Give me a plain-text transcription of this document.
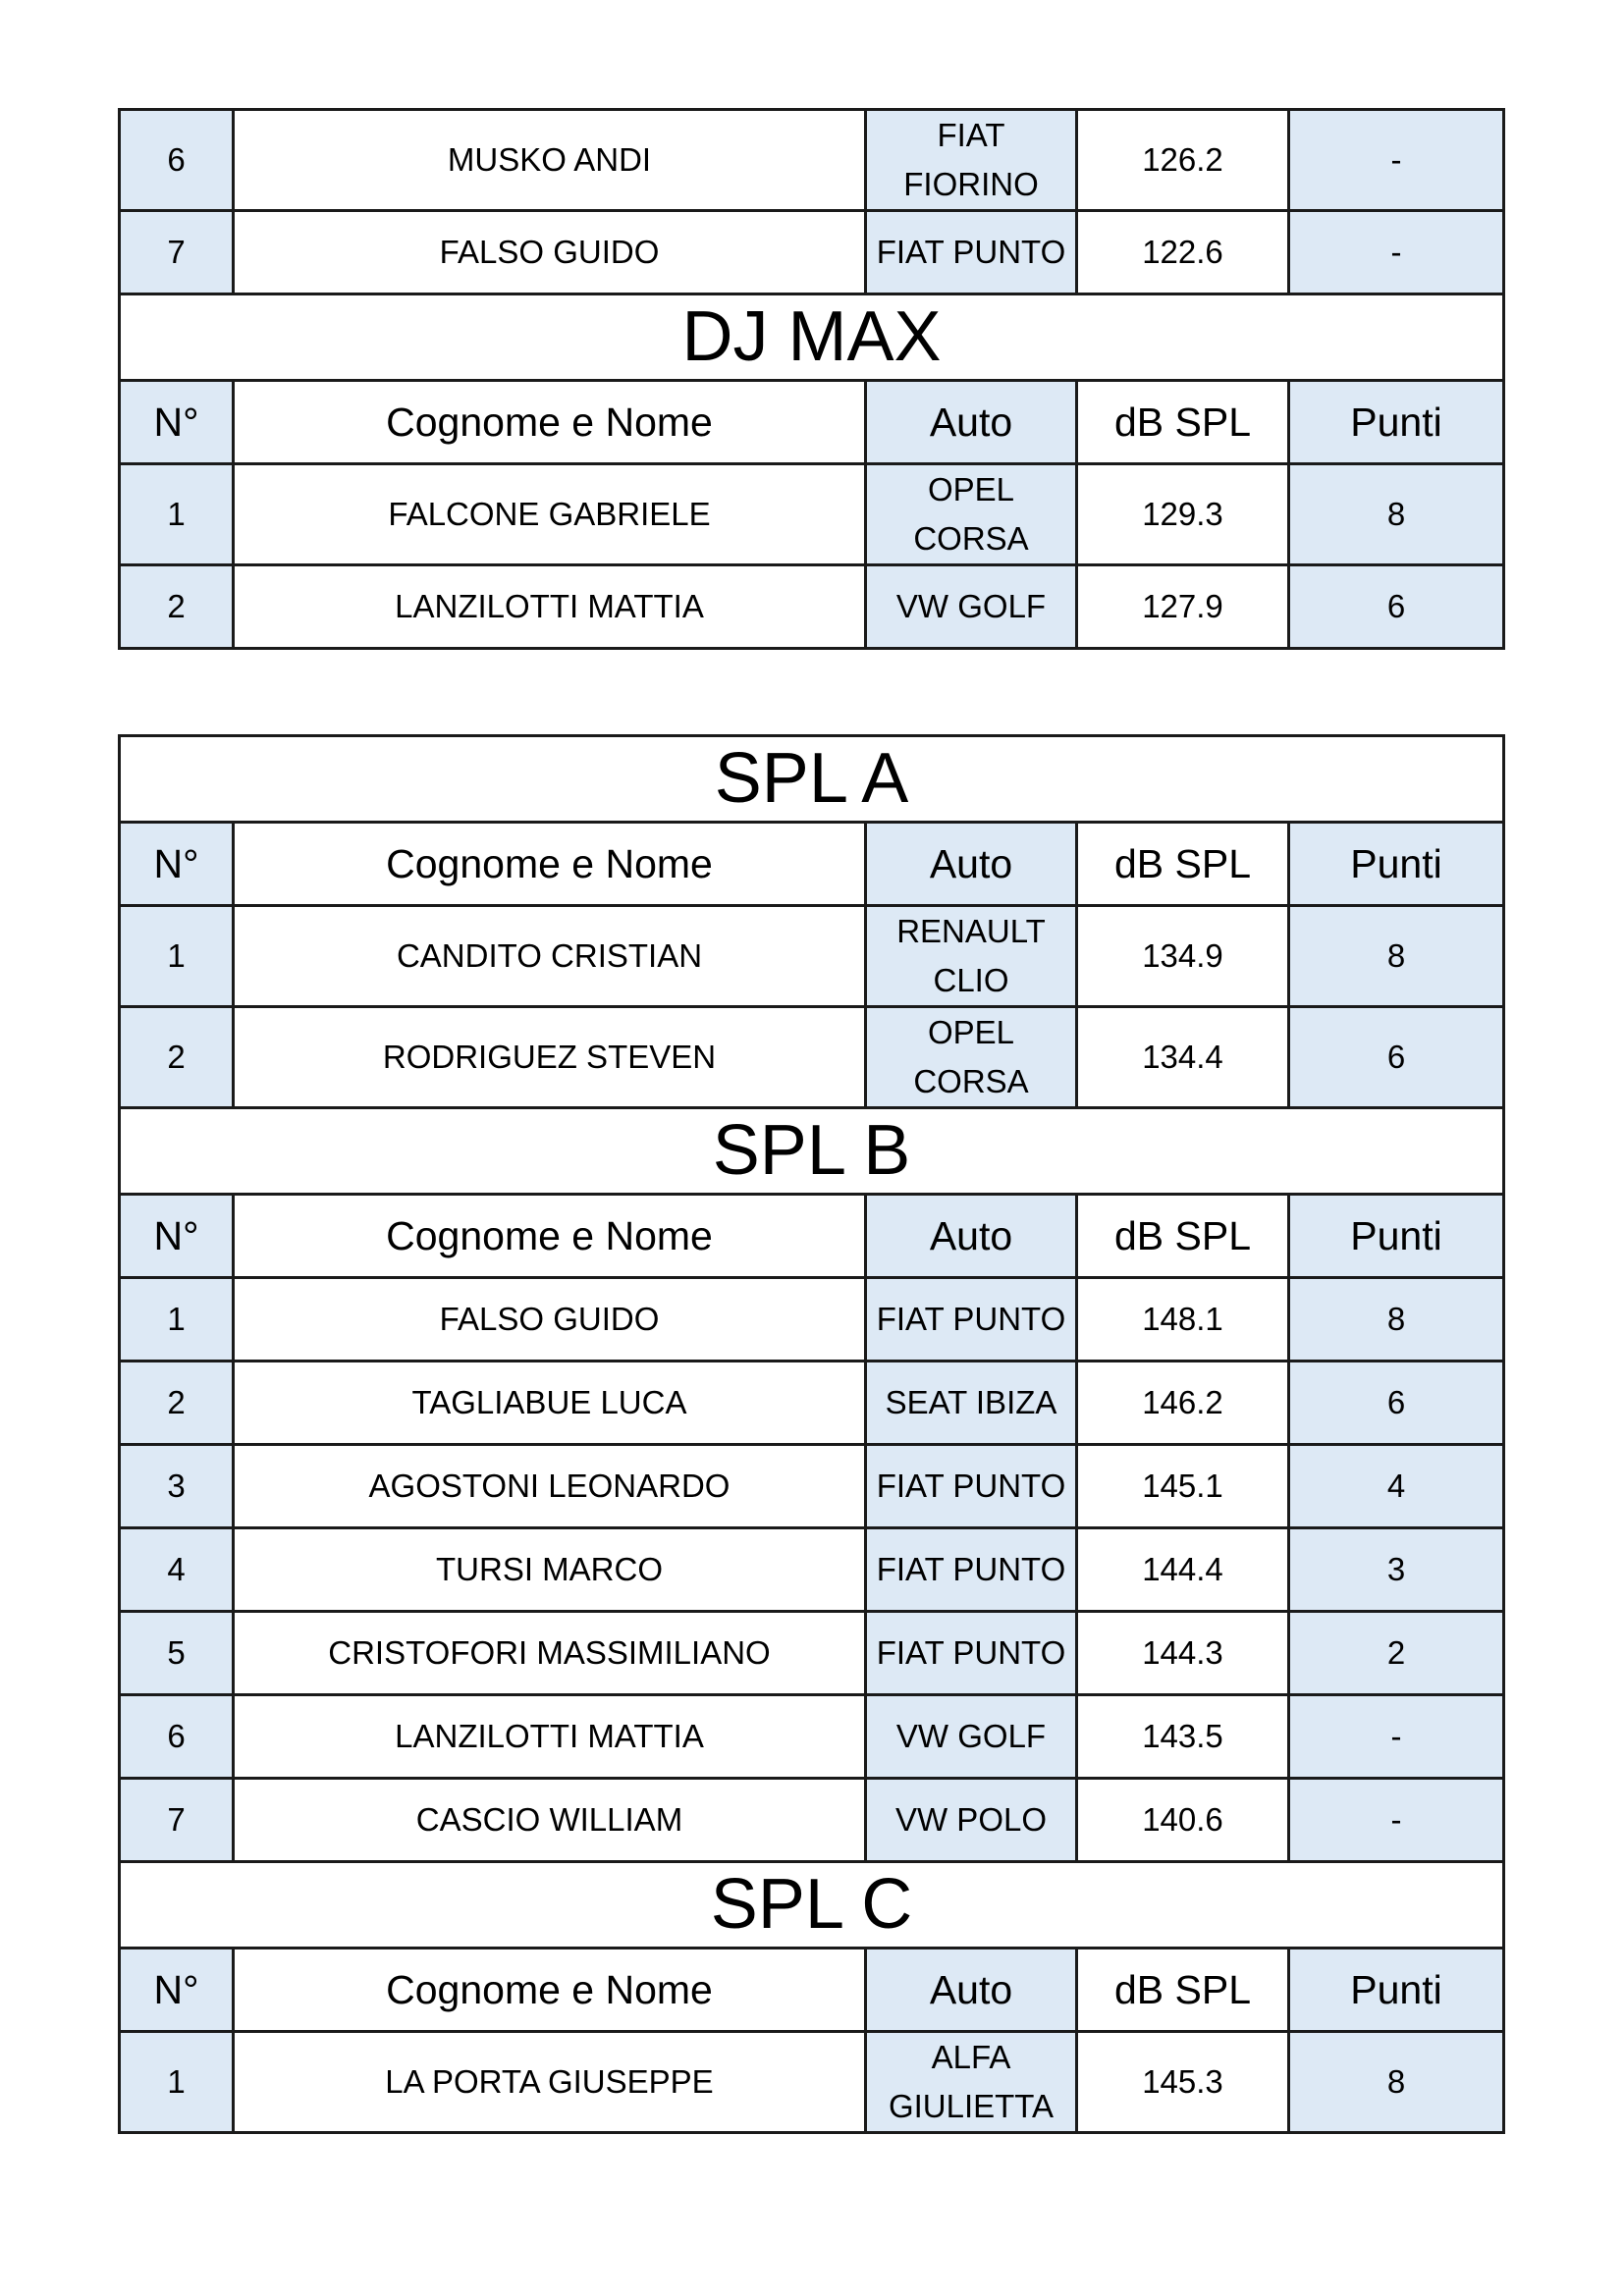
6	MUSKO ANDI	FIAT FIORINO	126.2	-
7	FALSO GUIDO	FIAT PUNTO	122.6	-
DJ MAX				
N°	Cognome e Nome	Auto	dB SPL	Punti
1	FALCONE GABRIELE	OPEL CORSA	129.3	8
2	LANZILOTTI MATTIA	VW GOLF	127.9	6
SPL A				
N°	Cognome e Nome	Auto	dB SPL	Punti
1	CANDITO CRISTIAN	RENAULT CLIO	134.9	8
2	RODRIGUEZ STEVEN	OPEL CORSA	134.4	6
SPL B				
N°	Cognome e Nome	Auto	dB SPL	Punti
1	FALSO GUIDO	FIAT PUNTO	148.1	8
2	TAGLIABUE LUCA	SEAT IBIZA	146.2	6
3	AGOSTONI LEONARDO	FIAT PUNTO	145.1	4
4	TURSI MARCO	FIAT PUNTO	144.4	3
5	CRISTOFORI MASSIMILIANO	FIAT PUNTO	144.3	2
6	LANZILOTTI MATTIA	VW GOLF	143.5	-
7	CASCIO WILLIAM	VW POLO	140.6	-
SPL C				
N°	Cognome e Nome	Auto	dB SPL	Punti
1	LA PORTA GIUSEPPE	ALFA GIULIETTA	145.3	8
